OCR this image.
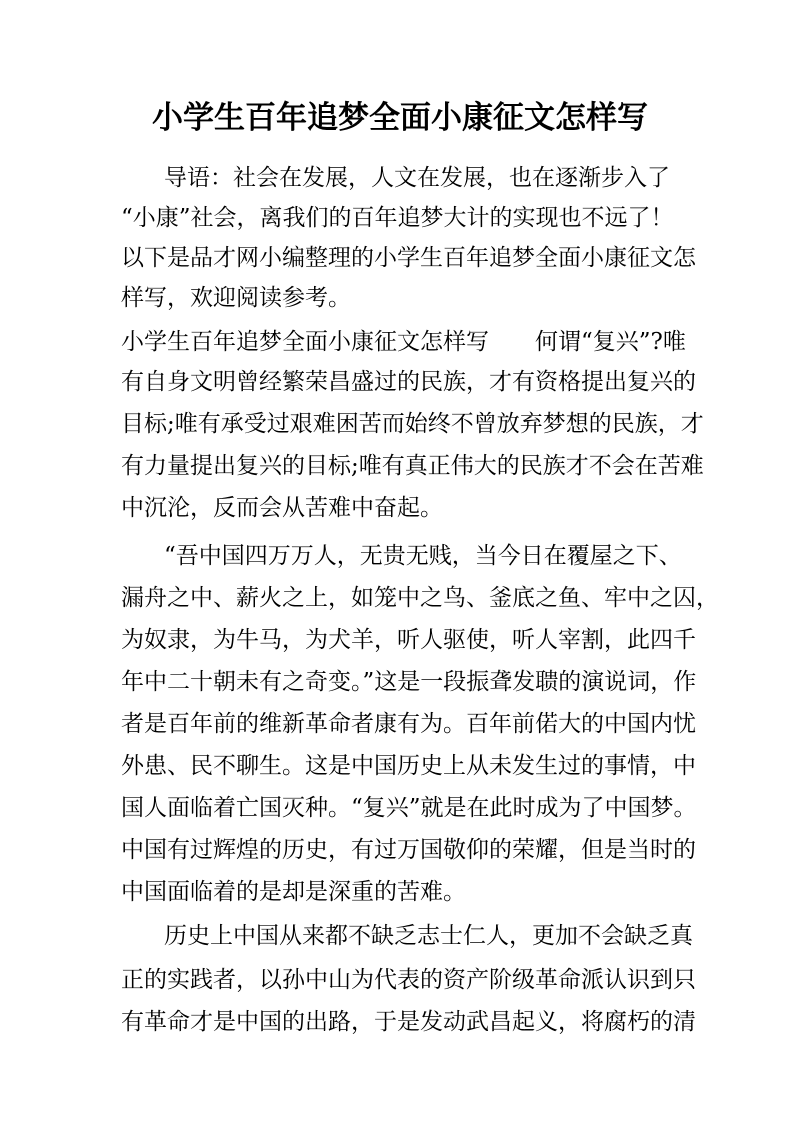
小学生百年追梦全面小康征文怎样写
导语：社会在发展，人文在发展，也在逐渐步入了
“小康”社会，离我们的百年追梦大计的实现也不远了！
以下是品才网小编整理的小学生百年追梦全面小康征文怎
样写，欢迎阅读参考。
小学生百年追梦全面小康征文怎样写　　何谓“复兴”?唯
有自身文明曾经繁荣昌盛过的民族，才有资格提出复兴的
目标;唯有承受过艰难困苦而始终不曾放弃梦想的民族，才
有力量提出复兴的目标;唯有真正伟大的民族才不会在苦难
中沉沦，反而会从苦难中奋起。
“吾中国四万万人，无贵无贱，当今日在覆屋之下、
漏舟之中、薪火之上，如笼中之鸟、釜底之鱼、牢中之囚，
为奴隶，为牛马，为犬羊，听人驱使，听人宰割，此四千
年中二十朝未有之奇变。”这是一段振聋发聩的演说词，作
者是百年前的维新革命者康有为。百年前偌大的中国内忧
外患、民不聊生。这是中国历史上从未发生过的事情，中
国人面临着亡国灭种。“复兴”就是在此时成为了中国梦。
中国有过辉煌的历史，有过万国敬仰的荣耀，但是当时的
中国面临着的是却是深重的苦难。
历史上中国从来都不缺乏志士仁人，更加不会缺乏真
正的实践者，以孙中山为代表的资产阶级革命派认识到只
有革命才是中国的出路，于是发动武昌起义，将腐朽的清
